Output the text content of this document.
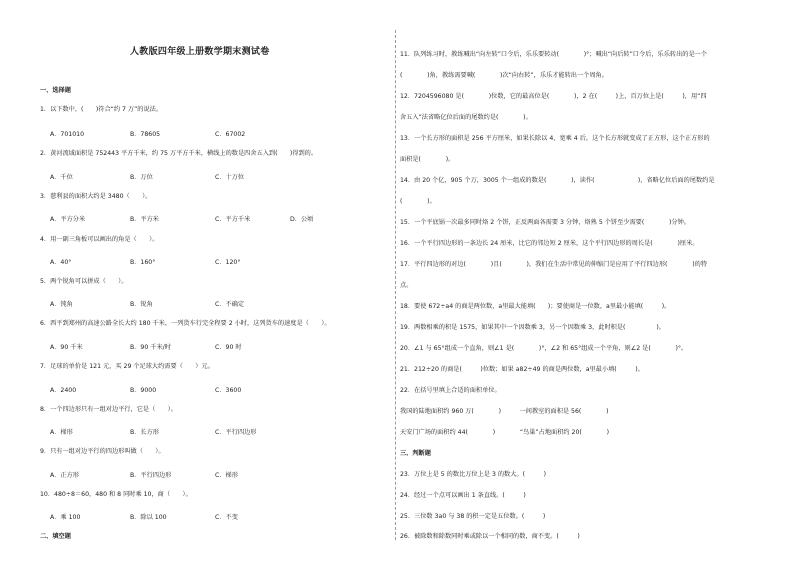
人教版四年级上册数学期末测试卷
一、选择题
1．以下数中，(　　)符合“约 7 万”的说法。
A．701010	B．78605	C．67002
2．黄河流域面积是 752443 平方千米，约 75 万平方千米，横线上的数是四舍五入到(　　)得到的。
A．千位	B．万位	C．十万位
3．慈利县的面积大约是 3480（　　）。
A．平方分米	B．平方米	C．平方千米	D．公顷
4．用一副三角板可以画出的角是（　　）。
A．40°	B．160°	C．120°
5．两个锐角可以拼成（　　）。
A．钝角	B．锐角	C．不确定
6．西平到郑州的高速公路全长大约 180 千米，一列货车行完全程要 2 小时，这列货车的速度是（　　）。
A．90 千米	B．90 千米/时	C．90 时
7．足球的单价是 121 元，买 29 个足球大约需要（　　）元。
A．2400	B．9000	C．3600
8．一个四边形只有一组对边平行，它是（　　）。
A．梯形	B．长方形	C．平行四边形
9．只有一组对边平行的四边形叫做（　　）。
A．正方形	B．平行四边形	C．梯形
10．480÷8＝60，480 和 8 同时乘 10，商（　　）。
A．乘 100	B．除以 100	C．不变
二、填空题
11．队列练习时，教练喊出“向左转”口令后，乐乐要转动(　　　　)°；喊出“向后转”口令后，乐乐转出的是一个
(　　　　)角，教练需要喊(　　　　)次“向右转”，乐乐才能转出一个周角。
12．7204596080 是(　　　　)位数，它的最高位是(　　　　)，2 在(　　　)上，百万位上是(　　　)，用“四
舍五入”法省略亿位后面的尾数约是(　　　　)。
13．一个长方形的面积是 256 平方厘米，如果长除以 4，宽乘 4 后，这个长方形就变成了正方形，这个正方形的
面积是(　　　　)。
14．由 20 个亿，905 个万，3005 个一组成的数是(　　　　)，读作(　　　　　　　)，省略亿位后面的尾数约是
(　　　　)。
15．一个平底锅一次最多同时烙 2 个饼，正反两面各需要 3 分钟，烙熟 5 个饼至少需要(　　　　)分钟。
16．一个平行四边形的一条边长 24 厘米，比它的邻边短 2 厘米，这个平行四边形的周长是(　　　　)厘米。
17．平行四边形的对边(　　　　)且(　　　　)，我们在生活中常见的伸缩门是应用了平行四边形(　　　　)的特
点。
18．要使 672÷a4 的商是两位数，a里最大能填(　　)；要使商是一位数，a里最小能填(　　　)。
19．两数相乘的积是 1575，如果其中一个因数乘 3，另一个因数乘 3，此时积是(　　　　　)。
20．∠1 与 65°组成一个直角，则∠1 是(　　　　)°，∠2 和 65°组成一个平角，则∠2 是(　　　　)°。
21．212÷20 的商是(　　　)位数；如果 a82÷49 的商是两位数，a里最小填(　　　)。
22．在括号里填上合适的面积单位。
我国的陆地面积约 960 万(　　　　)　　　一间教室的面积是 56(　　　　)
天安门广场的面积约 44(　　　　)　　　　“鸟巢”占地面积约 20(　　　　)
三、判断题
23．万位上是 5 的数比万位上是 3 的数大。(　　　)
24．经过一个点可以画出 1 条直线。(　　　)
25．三位数 3a0 与 38 的积一定是五位数。(　　　)
26．被除数和除数同时乘或除以一个相同的数，商不变。(　　　)
